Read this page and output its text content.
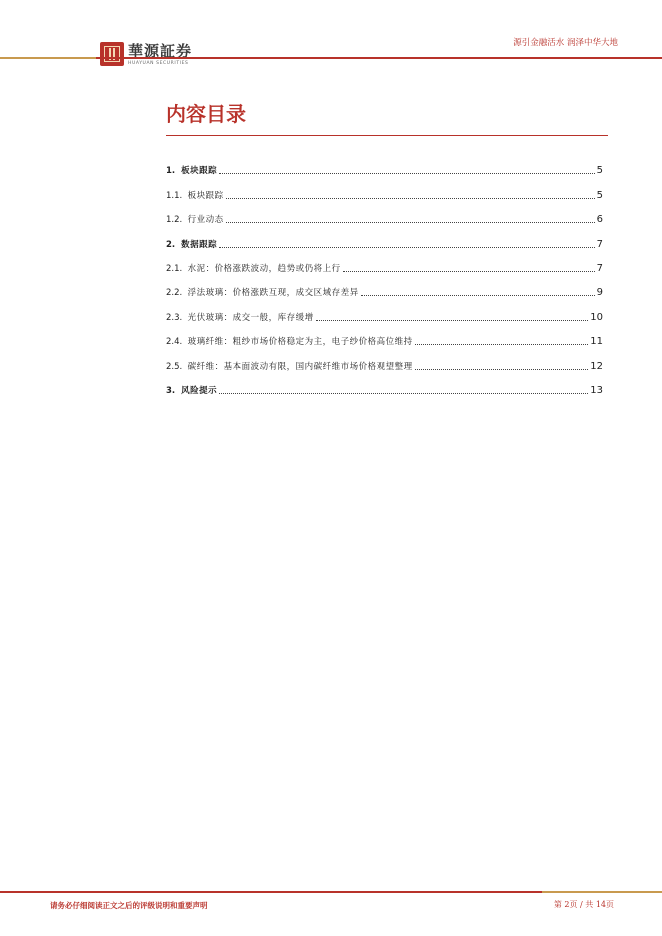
華源証券
HUAYUAN SECURITIES
源引金融活水 润泽中华大地
内容目录
1. 板块跟踪	5
1.1. 板块跟踪	5
1.2. 行业动态	6
2. 数据跟踪	7
2.1. 水泥：价格涨跌波动，趋势或仍将上行	7
2.2. 浮法玻璃：价格涨跌互现，成交区域存差异	9
2.3. 光伏玻璃：成交一般，库存缓增	10
2.4. 玻璃纤维：粗纱市场价格稳定为主，电子纱价格高位维持	11
2.5. 碳纤维：基本面波动有限，国内碳纤维市场价格观望整理	12
3. 风险提示	13
请务必仔细阅读正文之后的评级说明和重要声明	第 2页 / 共 14页
